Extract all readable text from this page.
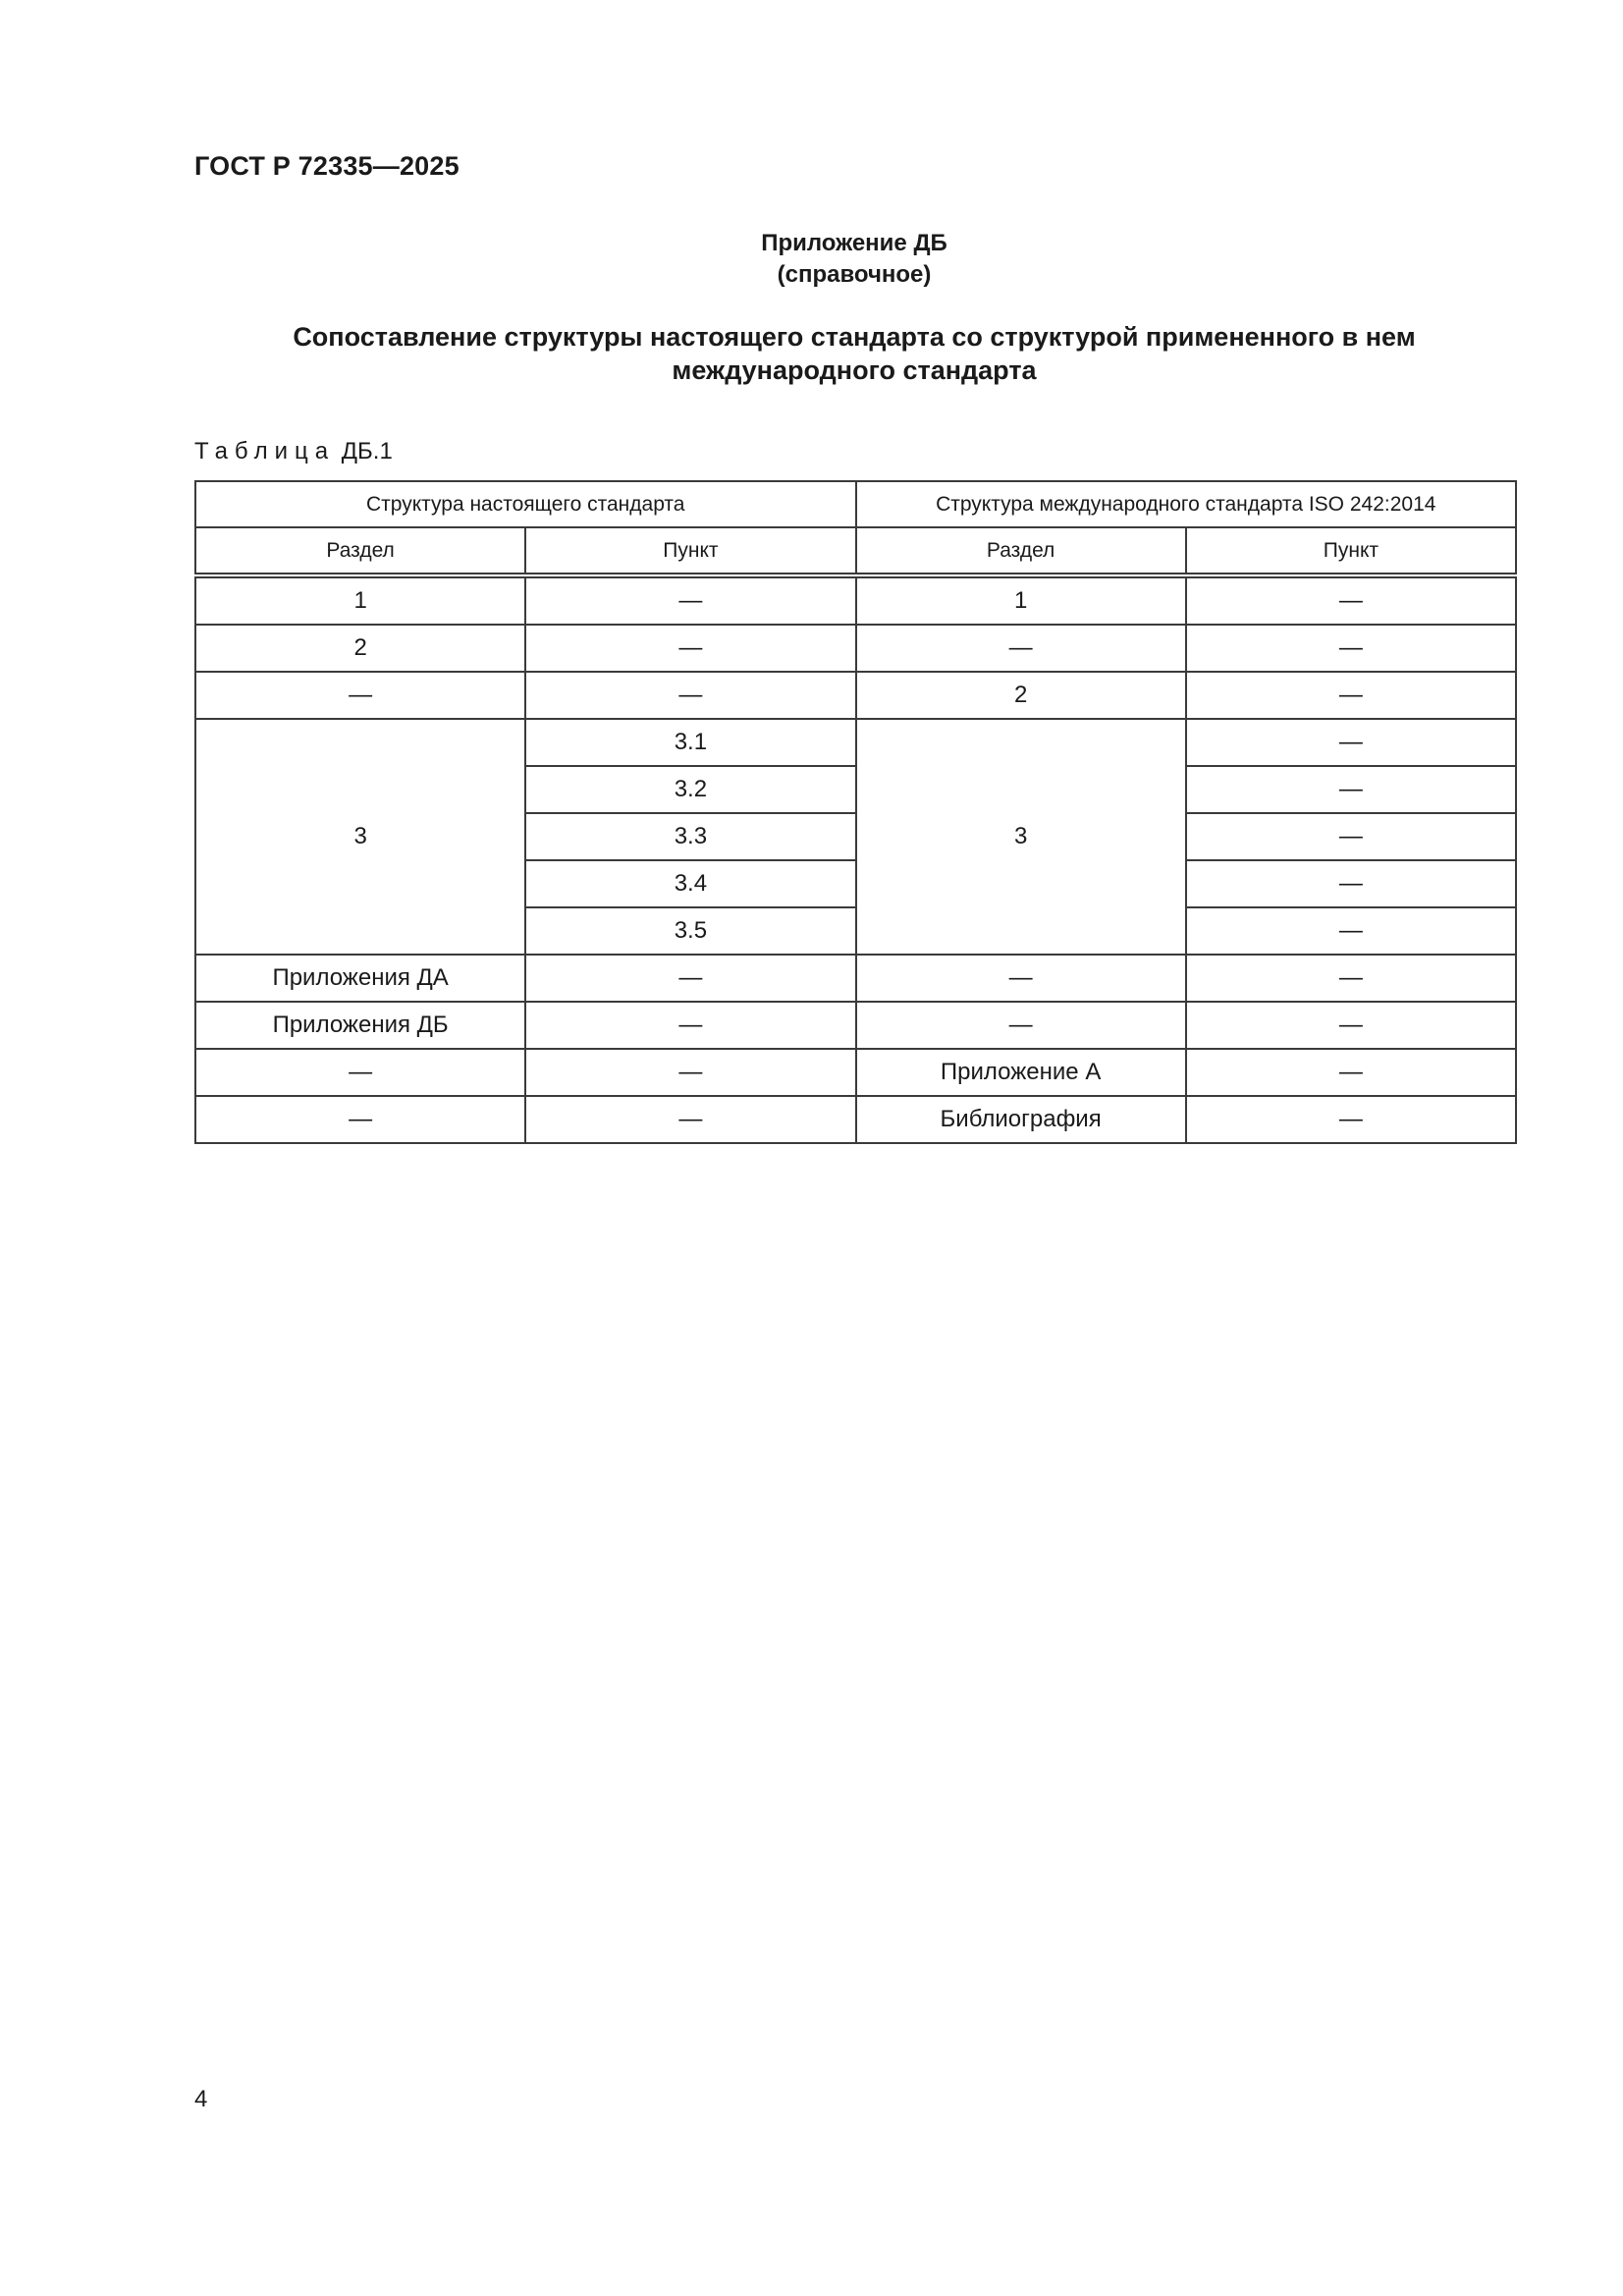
ГОСТ Р 72335—2025
Приложение ДБ
(справочное)
Сопоставление структуры настоящего стандарта со структурой примененного в нем
международного стандарта
Таблица ДБ.1
Структура настоящего стандарта		Структура международного стандарта ISO 242:2014	
Раздел	Пункт	Раздел	Пункт
1	—	1	—
2	—	—	—
—	—	2	—
3	3.1	3	—
	3.2		—
	3.3		—
	3.4		—
	3.5		—
Приложения ДА	—	—	—
Приложения ДБ	—	—	—
—	—	Приложение А	—
—	—	Библиография	—
4
